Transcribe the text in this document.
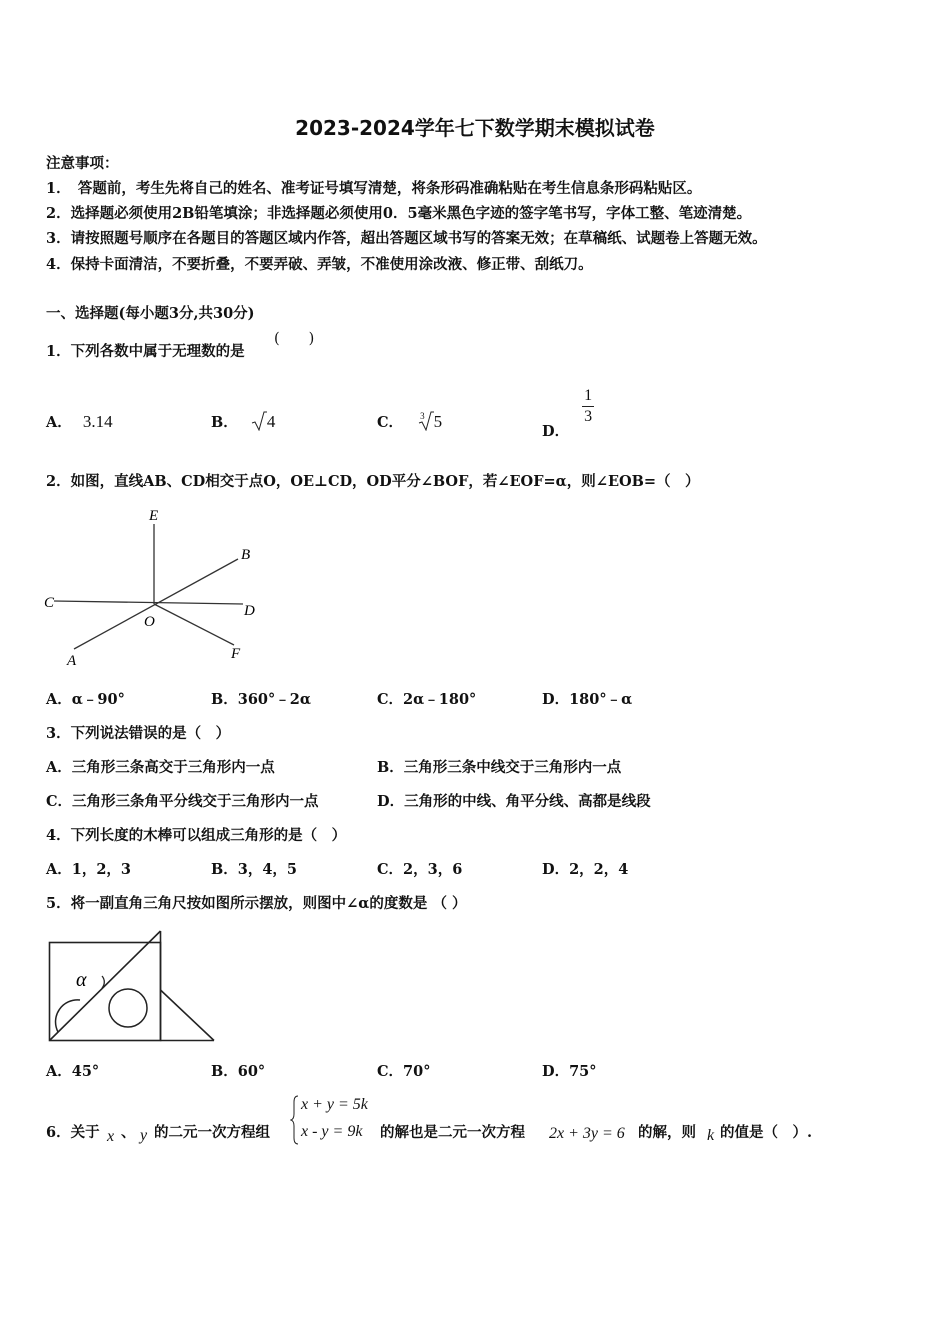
2023-2024学年七下数学期末模拟试卷
注意事项：
1．　答题前，考生先将自己的姓名、准考证号填写清楚，将条形码准确粘贴在考生信息条形码粘贴区。
2．选择题必须使用2B铅笔填涂；非选择题必须使用0．5毫米黑色字迹的签字笔书写，字体工整、笔迹清楚。
3．请按照题号顺序在各题目的答题区域内作答，超出答题区域书写的答案无效；在草稿纸、试题卷上答题无效。
4．保持卡面清洁，不要折叠，不要弄破、弄皱，不准使用涂改液、修正带、刮纸刀。
一、选择题(每小题3分,共30分)
1．下列各数中属于无理数的是
(　　)
A． 3.14	B． 4	C． $^3$ 5	D．
$\frac{1}{3}$
2．如图，直线AB、CD相交于点O，OE⊥CD，OD平分∠BOF，若∠EOF=α，则∠EOB=（　）
E
B
C	D
O
A	F
A．α﹣90°	B．360°﹣2α	C．2α﹣180°	D．180°﹣α
3．下列说法错误的是（　）
A．三角形三条高交于三角形内一点	B．三角形三条中线交于三角形内一点
C．三角形三条角平分线交于三角形内一点	D．三角形的中线、角平分线、高都是线段
4．下列长度的木棒可以组成三角形的是（　）
A．1，2，3	B．3，4，5	C．2，3，6	D．2，2，4
5．将一副直角三角尺按如图所示摆放，则图中∠α的度数是 （ ）
α
A．45°	B．60°	C．70°	D．75°
6．关于 x 、 y 的二元一次方程组
x + y = 5k
x - y = 9k 的解也是二元一次方程 2x + 3y = 6 的解，则 k 的值是（　）.
